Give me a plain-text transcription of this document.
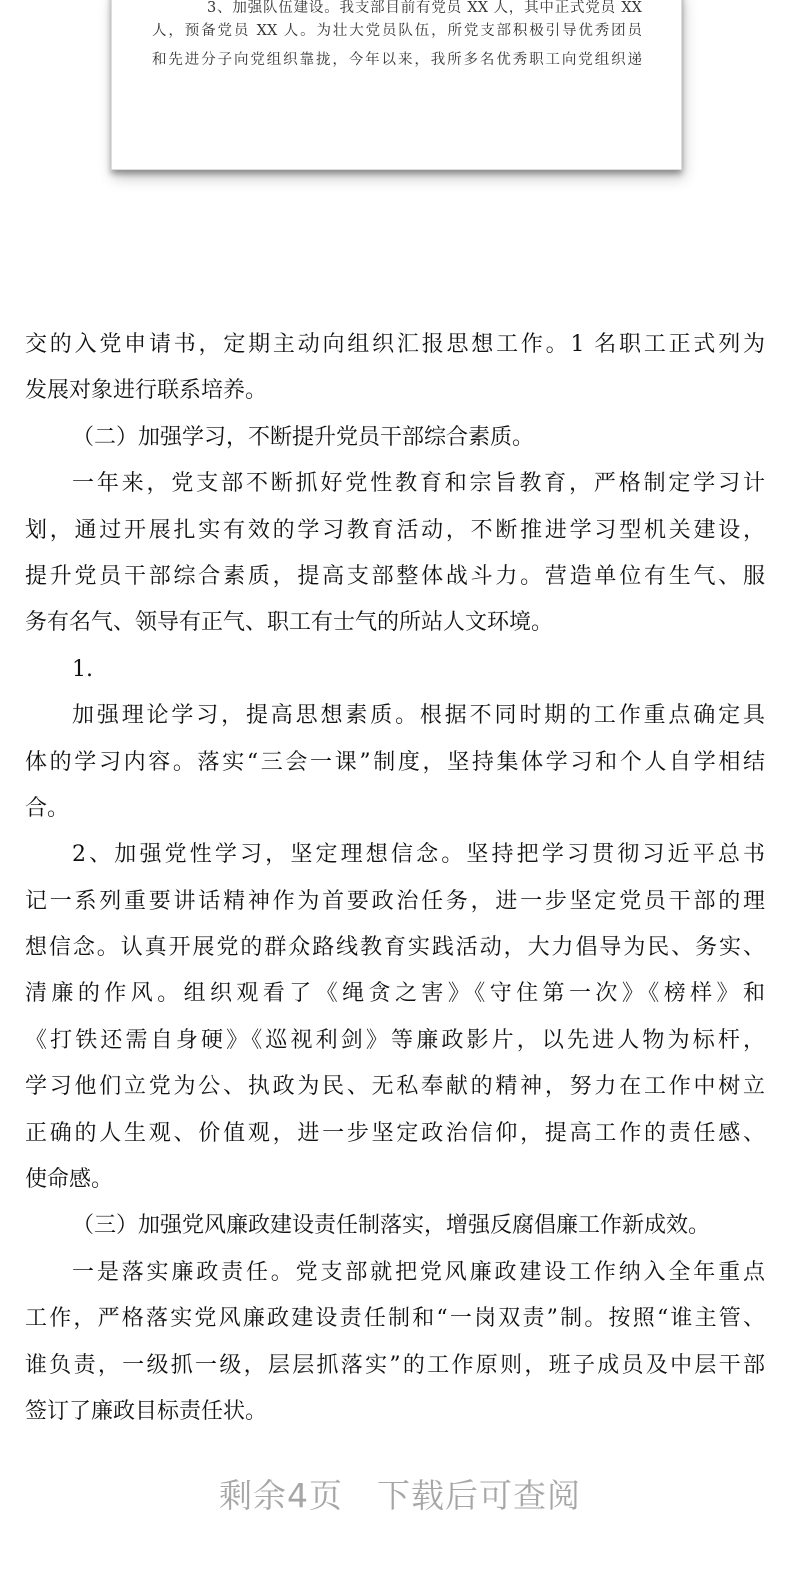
3、加强队伍建设。我支部目前有党员 XX 人，其中正式党员 XX
人，预备党员 XX 人。为壮大党员队伍，所党支部积极引导优秀团员
和先进分子向党组织靠拢，今年以来，我所多名优秀职工向党组织递
交的入党申请书，定期主动向组织汇报思想工作。1 名职工正式列为
发展对象进行联系培养。
（二）加强学习，不断提升党员干部综合素质。
一年来，党支部不断抓好党性教育和宗旨教育，严格制定学习计
划，通过开展扎实有效的学习教育活动，不断推进学习型机关建设，
提升党员干部综合素质，提高支部整体战斗力。营造单位有生气、服
务有名气、领导有正气、职工有士气的所站人文环境。
1.
加强理论学习，提高思想素质。根据不同时期的工作重点确定具
体的学习内容。落实“三会一课”制度，坚持集体学习和个人自学相结
合。
2、加强党性学习，坚定理想信念。坚持把学习贯彻习近平总书
记一系列重要讲话精神作为首要政治任务，进一步坚定党员干部的理
想信念。认真开展党的群众路线教育实践活动，大力倡导为民、务实、
清廉的作风。组织观看了《绳贪之害》《守住第一次》《榜样》和
《打铁还需自身硬》《巡视利剑》等廉政影片，以先进人物为标杆，
学习他们立党为公、执政为民、无私奉献的精神，努力在工作中树立
正确的人生观、价值观，进一步坚定政治信仰，提高工作的责任感、
使命感。
（三）加强党风廉政建设责任制落实，增强反腐倡廉工作新成效。
一是落实廉政责任。党支部就把党风廉政建设工作纳入全年重点
工作，严格落实党风廉政建设责任制和“一岗双责”制。按照“谁主管、
谁负责，一级抓一级，层层抓落实”的工作原则，班子成员及中层干部
签订了廉政目标责任状。
剩余4页 下载后可查阅
